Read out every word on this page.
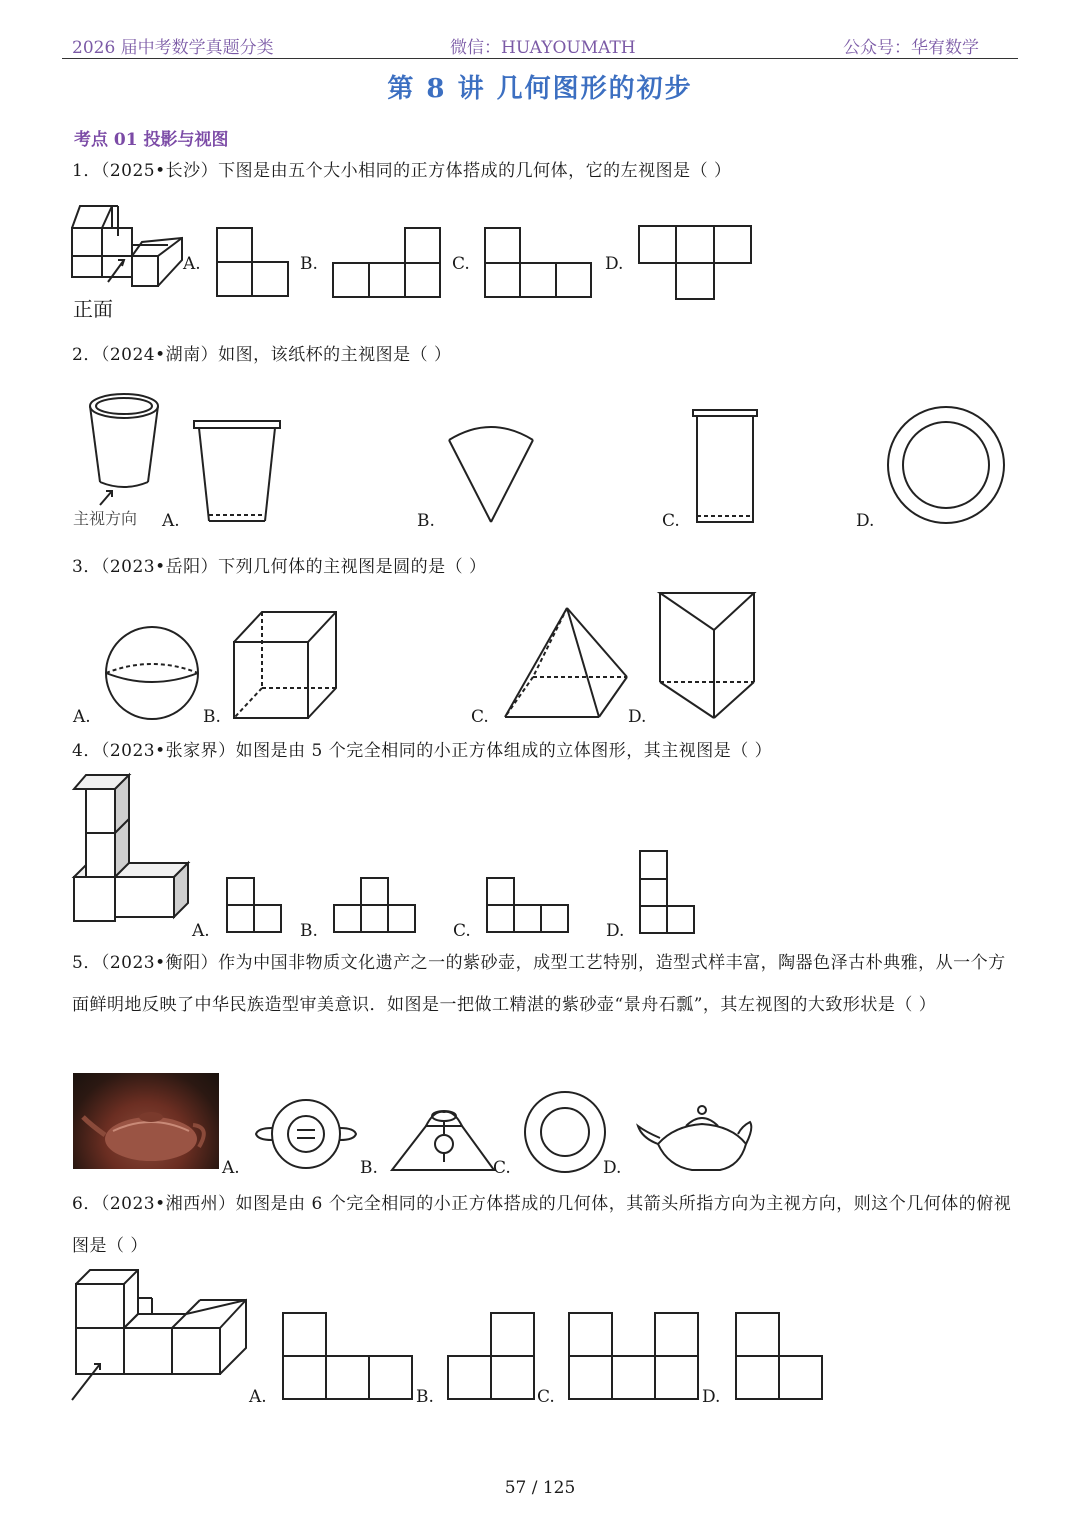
2026 届中考数学真题分类	微信：HUAYOUMATH	公众号：华宥数学
第 8 讲 几何图形的初步
考点 01 投影与视图
1．（2025•长沙）下图是由五个大小相同的正方体搭成的几何体，它的左视图是（ ）
正面
A.	B.	C.	D.
2．（2024•湖南）如图，该纸杯的主视图是（ ）
主视方向 A.	B.	C.	D.
3．（2023•岳阳）下列几何体的主视图是圆的是（ ）
A.	B.	C.	D.
4．（2023•张家界）如图是由 5 个完全相同的小正方体组成的立体图形，其主视图是（ ）
A.	B.	C.	D.
5．（2023•衡阳）作为中国非物质文化遗产之一的紫砂壶，成型工艺特别，造型式样丰富，陶器色泽古朴典雅，从一个方面鲜明地反映了中华民族造型审美意识．如图是一把做工精湛的紫砂壶“景舟石瓢”，其左视图的大致形状是（ ）
A.	B.	C.	D.
6．（2023•湘西州）如图是由 6 个完全相同的小正方体搭成的几何体，其箭头所指方向为主视方向，则这个几何体的俯视图是（ ）
A.	B.	C.	D.
57 / 125
